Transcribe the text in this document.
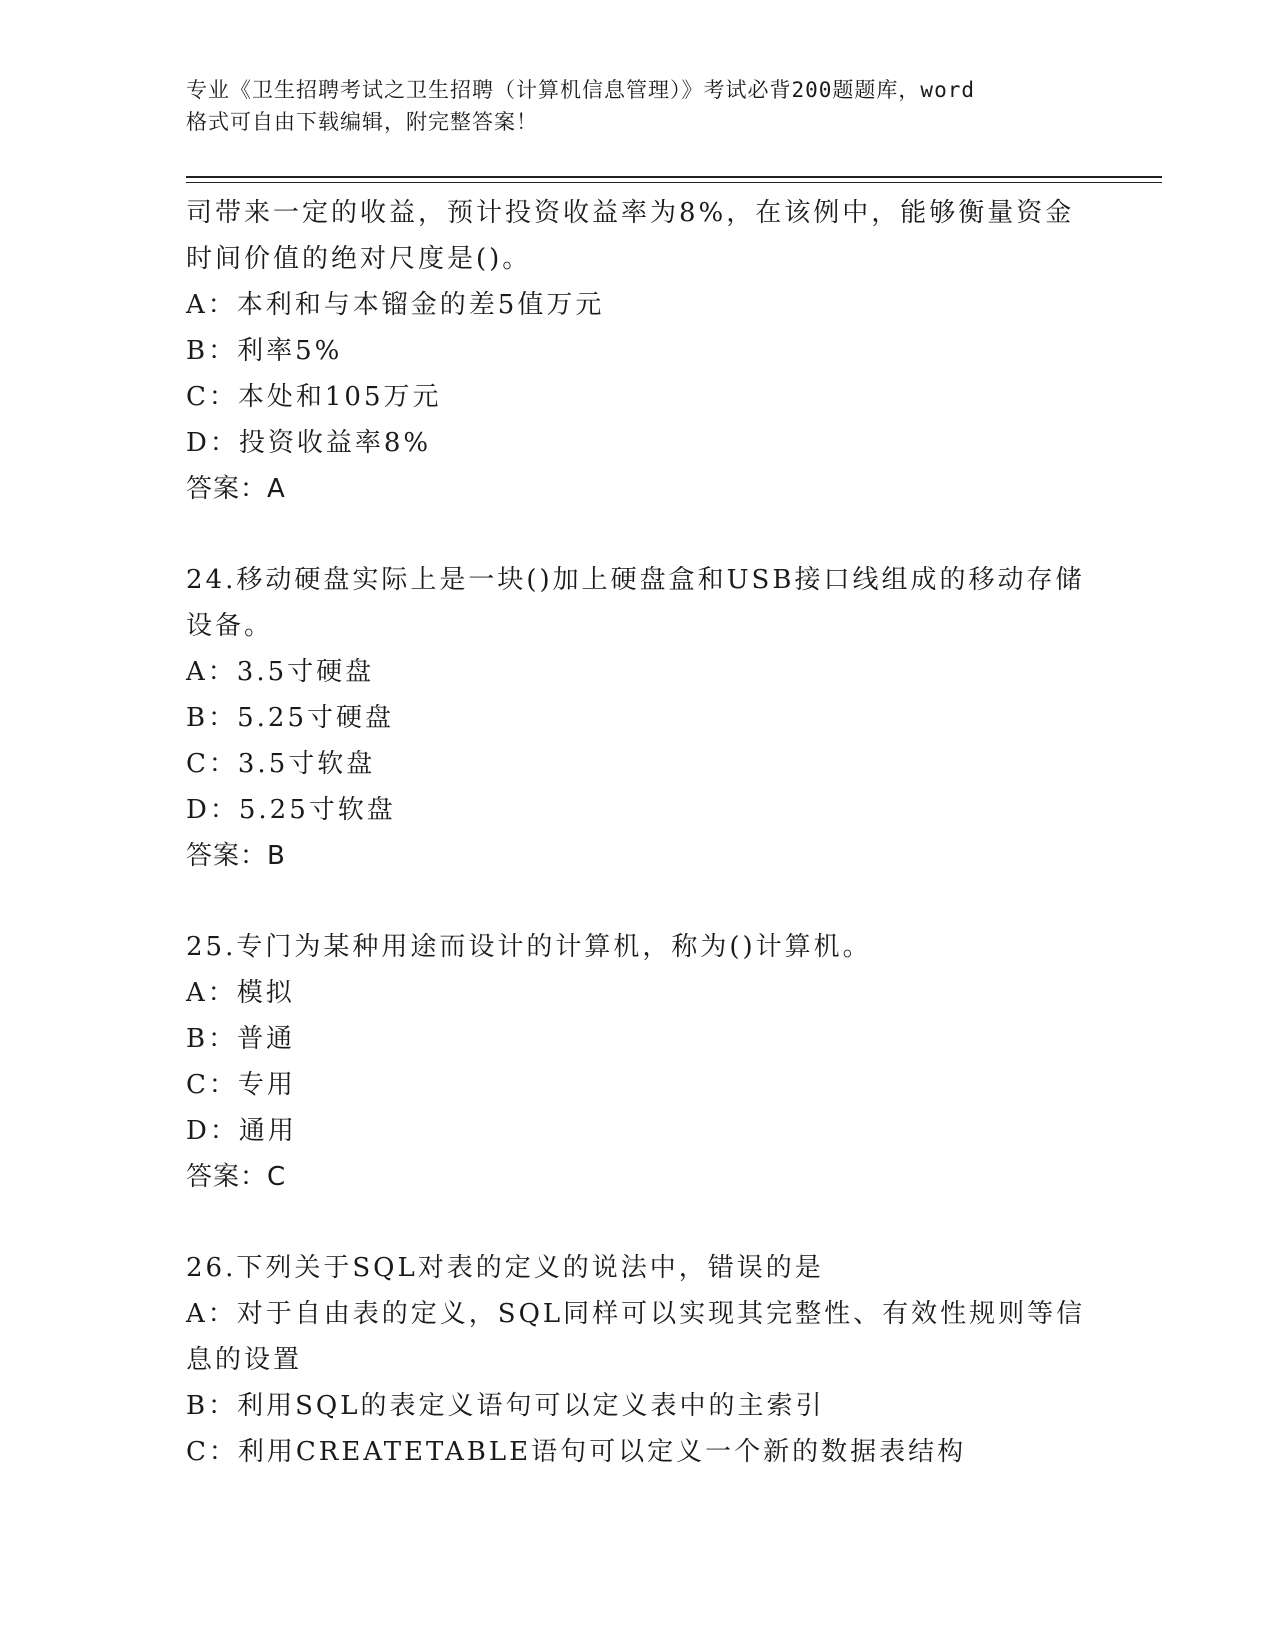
专业《卫生招聘考试之卫生招聘（计算机信息管理）》考试必背200题题库，word
格式可自由下载编辑，附完整答案！
司带来一定的收益，预计投资收益率为8%，在该例中，能够衡量资金
时间价值的绝对尺度是()。
A：本利和与本镏金的差5值万元
B：利率5%
C：本处和105万元
D：投资收益率8%
答案：A
24.移动硬盘实际上是一块()加上硬盘盒和USB接口线组成的移动存储
设备。
A：3.5寸硬盘
B：5.25寸硬盘
C：3.5寸软盘
D：5.25寸软盘
答案：B
25.专门为某种用途而设计的计算机，称为()计算机。
A：模拟
B：普通
C：专用
D：通用
答案：C
26.下列关于SQL对表的定义的说法中，错误的是
A：对于自由表的定义，SQL同样可以实现其完整性、有效性规则等信
息的设置
B：利用SQL的表定义语句可以定义表中的主索引
C：利用CREATETABLE语句可以定义一个新的数据表结构
